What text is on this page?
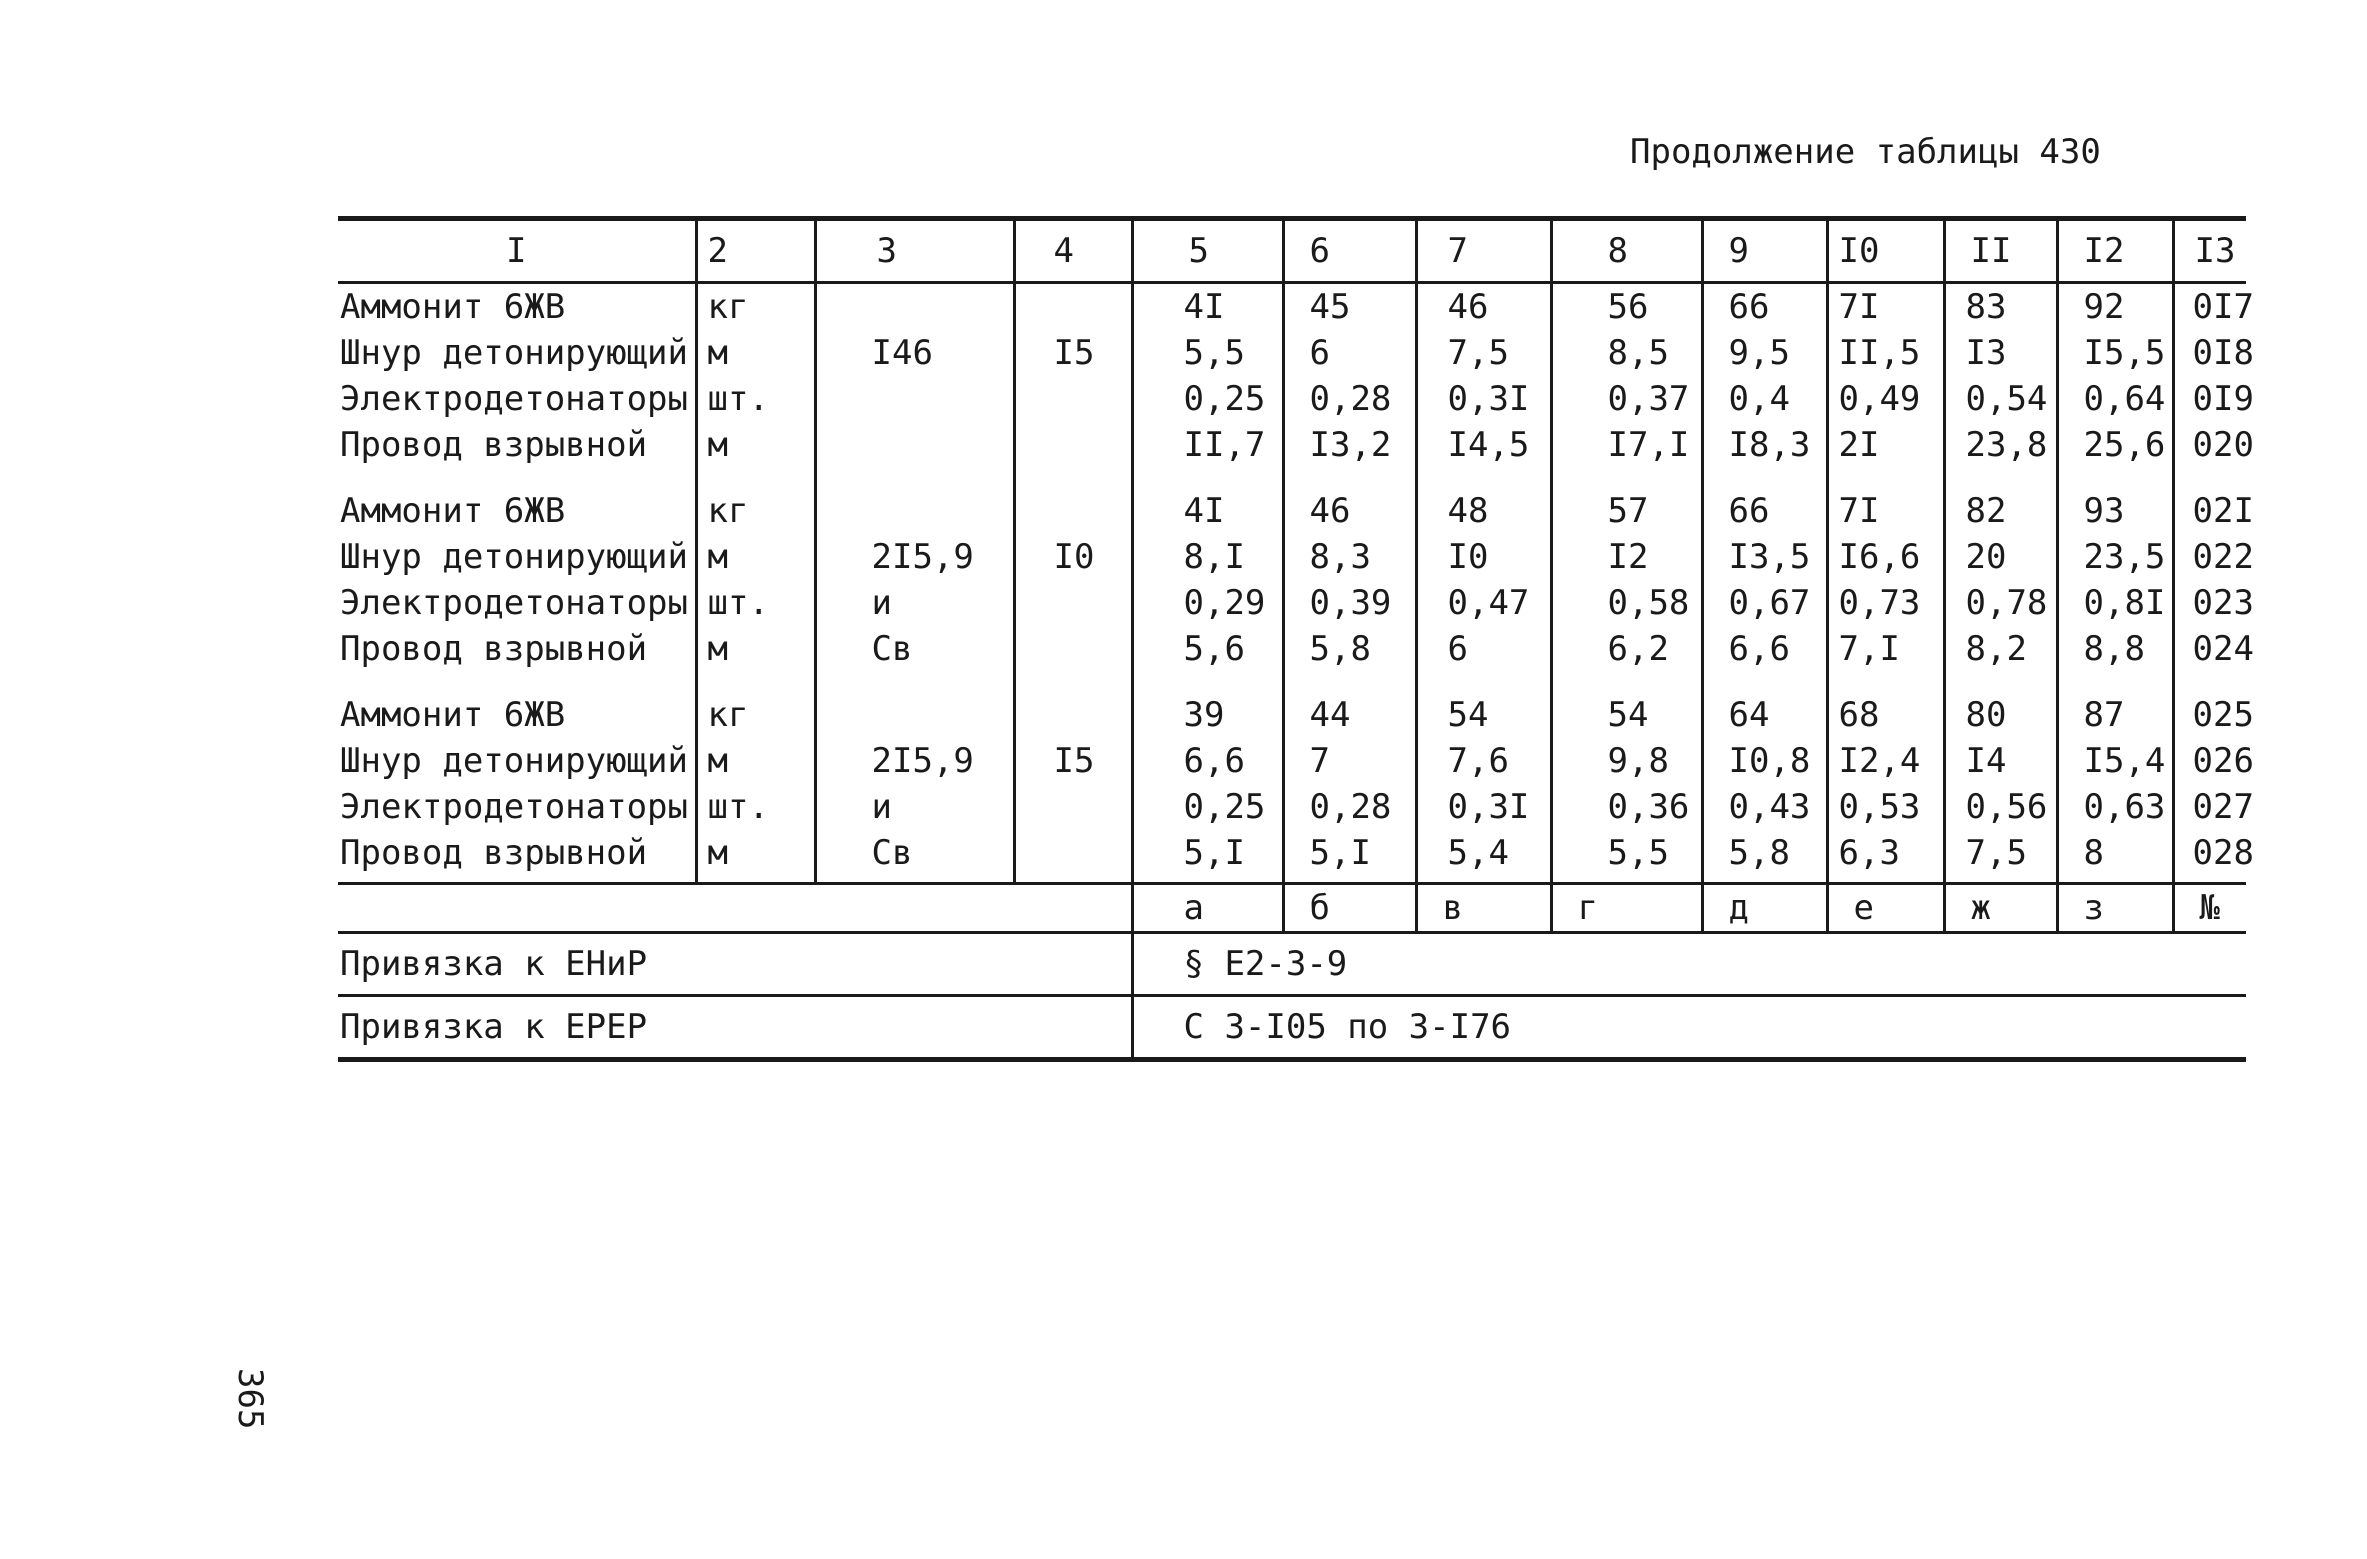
Продолжение таблицы 430
I	2	3	4	5	6	7	8	9	I0	II	I2	I3
Аммонит 6ЖВ	кг			4I	45	46	56	66	7I	83	92	0I7
Шнур детонирующий	м	I46	I5	5,5	6	7,5	8,5	9,5	II,5	I3	I5,5	0I8
Электродетонаторы	шт.			0,25	0,28	0,3I	0,37	0,4	0,49	0,54	0,64	0I9
Провод взрывной	м			II,7	I3,2	I4,5	I7,I	I8,3	2I	23,8	25,6	020

Аммонит 6ЖВ	кг			4I	46	48	57	66	7I	82	93	02I
Шнур детонирующий	м	2I5,9	I0	8,I	8,3	I0	I2	I3,5	I6,6	20	23,5	022
Электродетонаторы	шт.	и		0,29	0,39	0,47	0,58	0,67	0,73	0,78	0,8I	023
Провод взрывной	м	Св		5,6	5,8	6	6,2	6,6	7,I	8,2	8,8	024

Аммонит 6ЖВ	кг			39	44	54	54	64	68	80	87	025
Шнур детонирующий	м	2I5,9	I5	6,6	7	7,6	9,8	I0,8	I2,4	I4	I5,4	026
Электродетонаторы	шт.	и		0,25	0,28	0,3I	0,36	0,43	0,53	0,56	0,63	027
Провод взрывной	м	Св		5,I	5,I	5,4	5,5	5,8	6,3	7,5	8	028
				а	б	в	г	д	е	ж	з	№
Привязка к ЕНиР				§ Е2-3-9								
Привязка к ЕРЕР				С 3-I05 по 3-I76								
365
